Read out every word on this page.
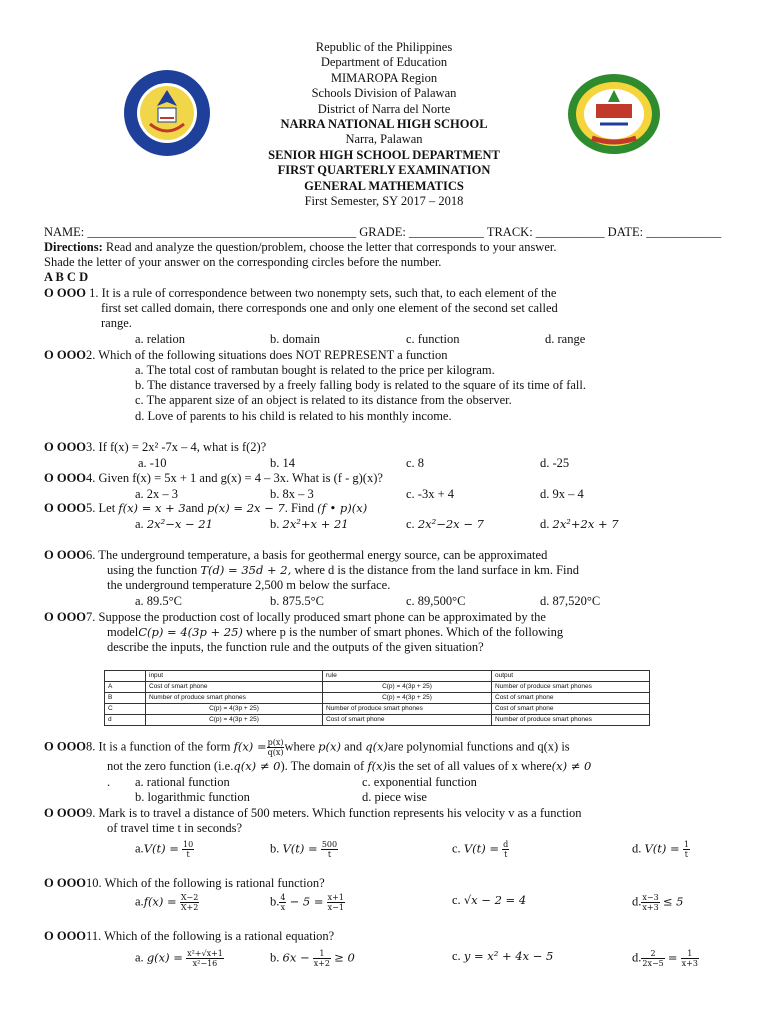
Republic of the Philippines
Department of Education
MIMAROPA Region
Schools Division of Palawan
District of Narra del Norte
NARRA NATIONAL HIGH SCHOOL
Narra, Palawan
SENIOR HIGH SCHOOL DEPARTMENT
FIRST QUARTERLY EXAMINATION
GENERAL MATHEMATICS
First Semester, SY 2017 – 2018
NAME: ___________________________________________ GRADE: ____________ TRACK: ___________ DATE: ____________
Directions: Read and analyze the question/problem, choose the letter that corresponds to your answer.
Shade the letter of your answer on the corresponding circles before the number.
A B C D
O OOO 1. It is a rule of correspondence between two nonempty sets, such that, to each element of the
first set called domain, there corresponds one and only one element of the second set called
range.
a. relation	b. domain	c. function	d. range
O OOO2. Which of the following situations does NOT REPRESENT a function
a. The total cost of rambutan bought is related to the price per kilogram.
b. The distance traversed by a freely falling body is related to the square of its time of fall.
c. The apparent size of an object is related to its distance from the observer.
d. Love of parents to his child is related to his monthly income.
O OOO3. If f(x) = 2x² -7x – 4, what is f(2)?
a. -10	b. 14	c. 8	d. -25
O OOO4. Given f(x) = 5x + 1 and g(x) = 4 – 3x. What is (f - g)(x)?
a. 2x – 3	b. 8x – 3	c. -3x + 4	d. 9x – 4
O OOO5. Let f(x) = x + 3and p(x) = 2x − 7. Find (f • p)(x)
a. 2x²−x − 21	b. 2x²+x + 21	c. 2x²−2x − 7	d. 2x²+2x + 7
O OOO6. The underground temperature, a basis for geothermal energy source, can be approximated
using the function T(d) = 35d + 2, where d is the distance from the land surface in km. Find
the underground temperature 2,500 m below the surface.
a. 89.5°C	b. 875.5°C	c. 89,500°C	d. 87,520°C
O OOO7. Suppose the production cost of locally produced smart phone can be approximated by the
modelC(p) = 4(3p + 25) where p is the number of smart phones. Which of the following
describe the inputs, the function rule and the outputs of the given situation?
	input	rule	output
A	Cost of smart phone	C(p) = 4(3p + 25)	Number of produce smart phones
B	Number of produce smart phones	C(p) = 4(3p + 25)	Cost of smart phone
C	C(p) = 4(3p + 25)	Number of produce smart phones	Cost of smart phone
d	C(p) = 4(3p + 25)	Cost of smart phone	Number of produce smart phones
O OOO8. It is a function of the form $f(x) = \frac{p(x)}{q(x)}$ where p(x) and q(x)are polynomial functions and q(x) is
not the zero function (i.e.q(x) ≠ 0). The domain of f(x)is the set of all values of x where(x) ≠ 0
. a. rational function	c. exponential function
b. logarithmic function	d. piece wise
O OOO9. Mark is to travel a distance of 500 meters. Which function represents his velocity v as a function
of travel time t in seconds?
$a.V(t) = \frac{10}{t}$	b. $V(t) = \frac{500}{t}$	c. $V(t) = \frac{d}{t}$	d. $V(t) = \frac{1}{t}$
O OOO10. Which of the following is rational function?
$a.f(x) = \frac{X-2}{X+2}$	b. $\frac{4}{x} - 5 = \frac{x+1}{x-1}$	c. √x − 2 = 4	d. $\frac{x-3}{x+3} \le 5$
O OOO11. Which of the following is a rational equation?
a. $g(x) = \frac{\text{x²+√x+1}}{\text{x²−16}}$	b. $6x - \frac{1}{x+2} \ge 0$	c. y = x² + 4x − 5	d. $\frac{2}{2x-5} = \frac{1}{x+3}$
